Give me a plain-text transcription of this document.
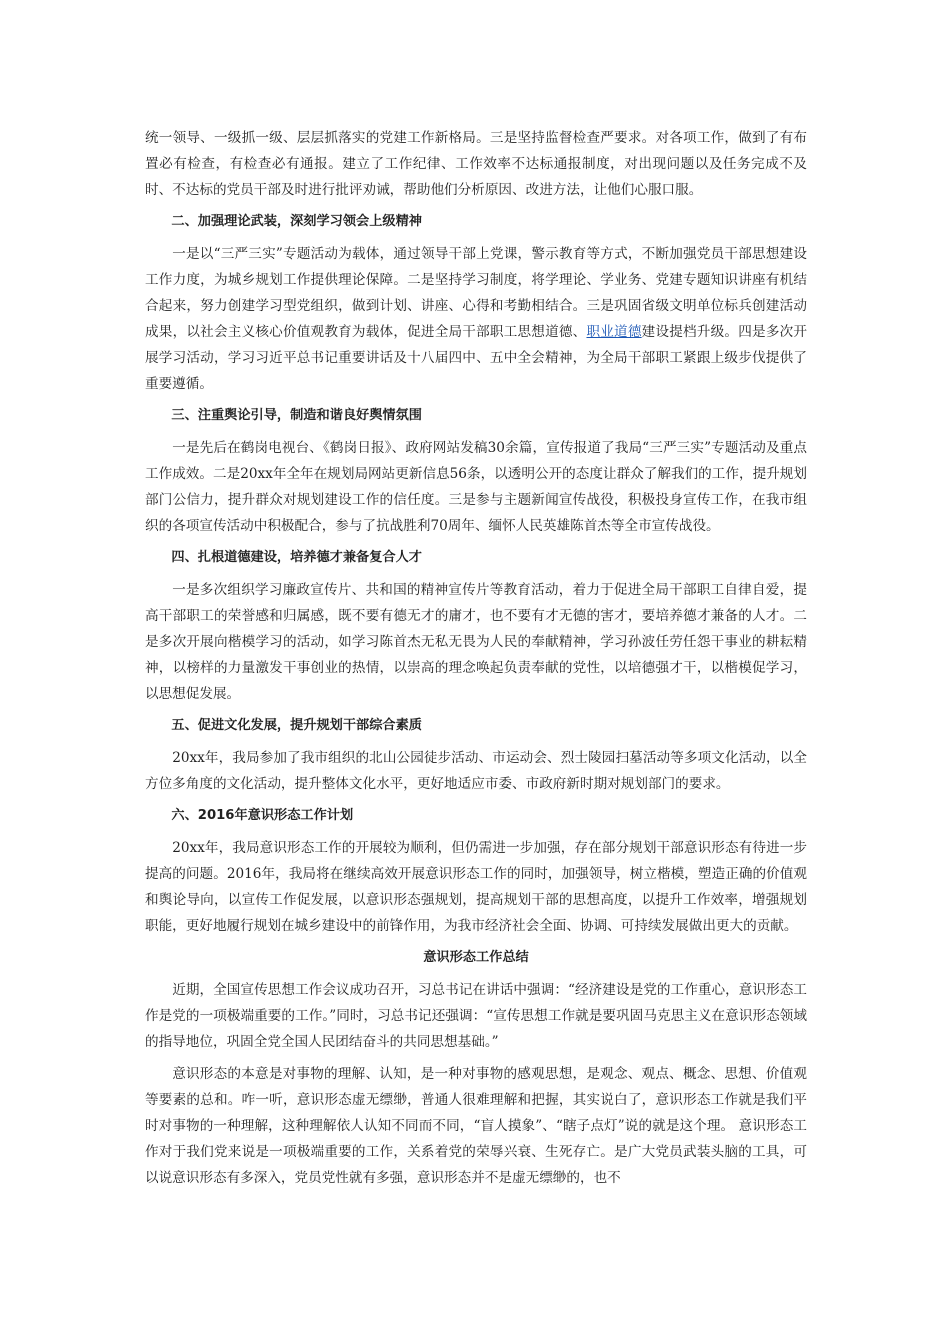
统一领导、一级抓一级、层层抓落实的党建工作新格局。三是坚持监督检查严要求。对各项工作，做到了有布置必有检查，有检查必有通报。建立了工作纪律、工作效率不达标通报制度，对出现问题以及任务完成不及时、不达标的党员干部及时进行批评劝诫，帮助他们分析原因、改进方法，让他们心服口服。

二、加强理论武装，深刻学习领会上级精神

一是以“三严三实”专题活动为载体，通过领导干部上党课，警示教育等方式，不断加强党员干部思想建设工作力度，为城乡规划工作提供理论保障。二是坚持学习制度，将学理论、学业务、党建专题知识讲座有机结合起来，努力创建学习型党组织，做到计划、讲座、心得和考勤相结合。三是巩固省级文明单位标兵创建活动成果，以社会主义核心价值观教育为载体，促进全局干部职工思想道德、职业道德建设提档升级。四是多次开展学习活动，学习习近平总书记重要讲话及十八届四中、五中全会精神，为全局干部职工紧跟上级步伐提供了重要遵循。

三、注重舆论引导，制造和谐良好舆情氛围

一是先后在鹤岗电视台、《鹤岗日报》、政府网站发稿30余篇，宣传报道了我局“三严三实”专题活动及重点工作成效。二是20xx年全年在规划局网站更新信息56条，以透明公开的态度让群众了解我们的工作，提升规划部门公信力，提升群众对规划建设工作的信任度。三是参与主题新闻宣传战役，积极投身宣传工作，在我市组织的各项宣传活动中积极配合，参与了抗战胜利70周年、缅怀人民英雄陈首杰等全市宣传战役。

四、扎根道德建设，培养德才兼备复合人才

一是多次组织学习廉政宣传片、共和国的精神宣传片等教育活动，着力于促进全局干部职工自律自爱，提高干部职工的荣誉感和归属感，既不要有德无才的庸才，也不要有才无德的害才，要培养德才兼备的人才。二是多次开展向楷模学习的活动，如学习陈首杰无私无畏为人民的奉献精神，学习孙波任劳任怨干事业的耕耘精神，以榜样的力量激发干事创业的热情，以崇高的理念唤起负责奉献的党性，以培德强才干，以楷模促学习，以思想促发展。

五、促进文化发展，提升规划干部综合素质

20xx年，我局参加了我市组织的北山公园徒步活动、市运动会、烈士陵园扫墓活动等多项文化活动，以全方位多角度的文化活动，提升整体文化水平，更好地适应市委、市政府新时期对规划部门的要求。

六、2016年意识形态工作计划

20xx年，我局意识形态工作的开展较为顺利，但仍需进一步加强，存在部分规划干部意识形态有待进一步提高的问题。2016年，我局将在继续高效开展意识形态工作的同时，加强领导，树立楷模，塑造正确的价值观和舆论导向，以宣传工作促发展，以意识形态强规划，提高规划干部的思想高度，以提升工作效率，增强规划职能，更好地履行规划在城乡建设中的前锋作用，为我市经济社会全面、协调、可持续发展做出更大的贡献。

意识形态工作总结

近期，全国宣传思想工作会议成功召开，习总书记在讲话中强调：“经济建设是党的工作重心，意识形态工作是党的一项极端重要的工作。”同时，习总书记还强调：“宣传思想工作就是要巩固马克思主义在意识形态领域的指导地位，巩固全党全国人民团结奋斗的共同思想基础。”

意识形态的本意是对事物的理解、认知，是一种对事物的感观思想，是观念、观点、概念、思想、价值观等要素的总和。咋一听，意识形态虚无缥缈，普通人很难理解和把握，其实说白了，意识形态工作就是我们平时对事物的一种理解，这种理解依人认知不同而不同，“盲人摸象”、“瞎子点灯”说的就是这个理。 意识形态工作对于我们党来说是一项极端重要的工作，关系着党的荣辱兴衰、生死存亡。是广大党员武装头脑的工具，可以说意识形态有多深入，党员党性就有多强，意识形态并不是虚无缥缈的，也不
